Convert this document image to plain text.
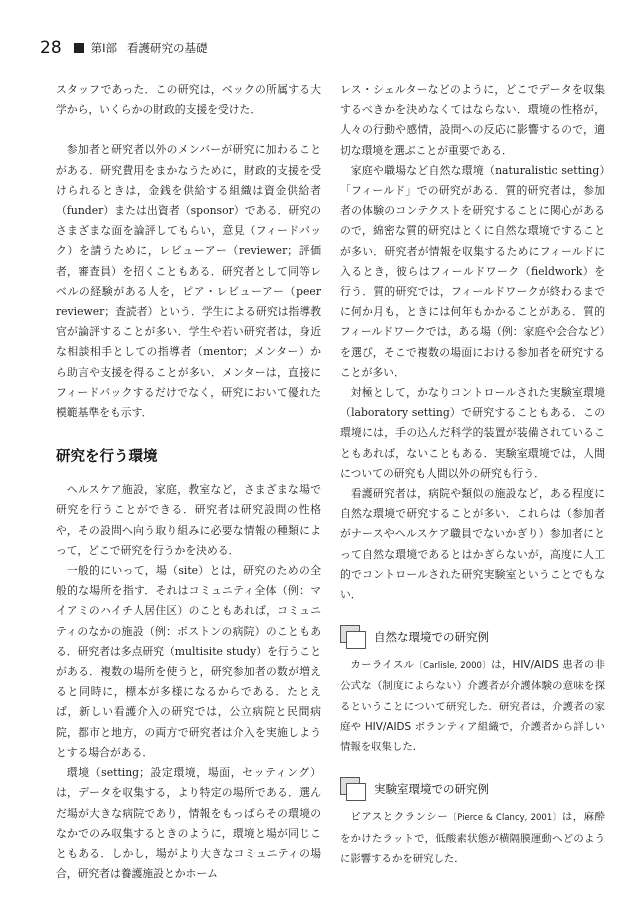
28	第Ⅰ部 看護研究の基礎

スタッフであった．この研究は，ベックの所属する大学から，いくらかの財政的支援を受けた．

参加者と研究者以外のメンバーが研究に加わることがある．研究費用をまかなうために，財政的支援を受けられるときは，金銭を供給する組織は資金供給者（funder）または出資者（sponsor）である．研究のさまざまな面を論評してもらい，意見（フィードバック）を請うために，レビューアー（reviewer；評価者，審査員）を招くこともある．研究者として同等レベルの経験がある人を，ピア・レビューアー（peer reviewer；査読者）という．学生による研究は指導教官が論評することが多い．学生や若い研究者は，身近な相談相手としての指導者（mentor；メンター）から助言や支援を得ることが多い．メンターは，直接にフィードバックするだけでなく，研究において優れた模範基準をも示す．

研究を行う環境

ヘルスケア施設，家庭，教室など，さまざまな場で研究を行うことができる．研究者は研究設問の性格や，その設問へ向う取り組みに必要な情報の種類によって，どこで研究を行うかを決める．

一般的にいって，場（site）とは，研究のための全般的な場所を指す．それはコミュニティ全体（例：マイアミのハイチ人居住区）のこともあれば，コミュニティのなかの施設（例：ボストンの病院）のこともある．研究者は多点研究（multisite study）を行うことがある．複数の場所を使うと，研究参加者の数が増えると同時に，標本が多様になるからである．たとえば，新しい看護介入の研究では，公立病院と民間病院，都市と地方，の両方で研究者は介入を実施しようとする場合がある．

環境（setting；設定環境，場面，セッティング）は，データを収集する，より特定の場所である．選んだ場が大きな病院であり，情報をもっぱらその環境のなかでのみ収集するときのように，環境と場が同じこともある．しかし，場がより大きなコミュニティの場合，研究者は養護施設とかホーム

レス・シェルターなどのように，どこでデータを収集するべきかを決めなくてはならない．環境の性格が，人々の行動や感情，設問への反応に影響するので，適切な環境を選ぶことが重要である．

家庭や職場など自然な環境（naturalistic setting）「フィールド」での研究がある．質的研究者は，参加者の体験のコンテクストを研究することに関心があるので，綿密な質的研究はとくに自然な環境ですることが多い．研究者が情報を収集するためにフィールドに入るとき，彼らはフィールドワーク（fieldwork）を行う．質的研究では，フィールドワークが終わるまでに何か月も，ときには何年もかかることがある．質的フィールドワークでは，ある場（例：家庭や会合など）を選び，そこで複数の場面における参加者を研究することが多い．

対極として，かなりコントロールされた実験室環境（laboratory setting）で研究することもある．この環境には，手の込んだ科学的装置が装備されていることもあれば，ないこともある．実験室環境では，人間についての研究も人間以外の研究も行う．

看護研究者は，病院や類似の施設など，ある程度に自然な環境で研究することが多い．これらは（参加者がナースやヘルスケア職員でないかぎり）参加者にとって自然な環境であるとはかぎらないが，高度に人工的でコントロールされた研究実験室ということでもない．

自然な環境での研究例

カーライスル〔Carlisle, 2000〕は，HIV/AIDS 患者の非公式な（制度によらない）介護者が介護体験の意味を探るということについて研究した．研究者は，介護者の家庭や HIV/AIDS ボランティア組織で，介護者から詳しい情報を収集した．

実験室環境での研究例

ピアスとクランシー〔Pierce & Clancy, 2001〕は，麻酔をかけたラットで，低酸素状態が横隔膜運動へどのように影響するかを研究した．
